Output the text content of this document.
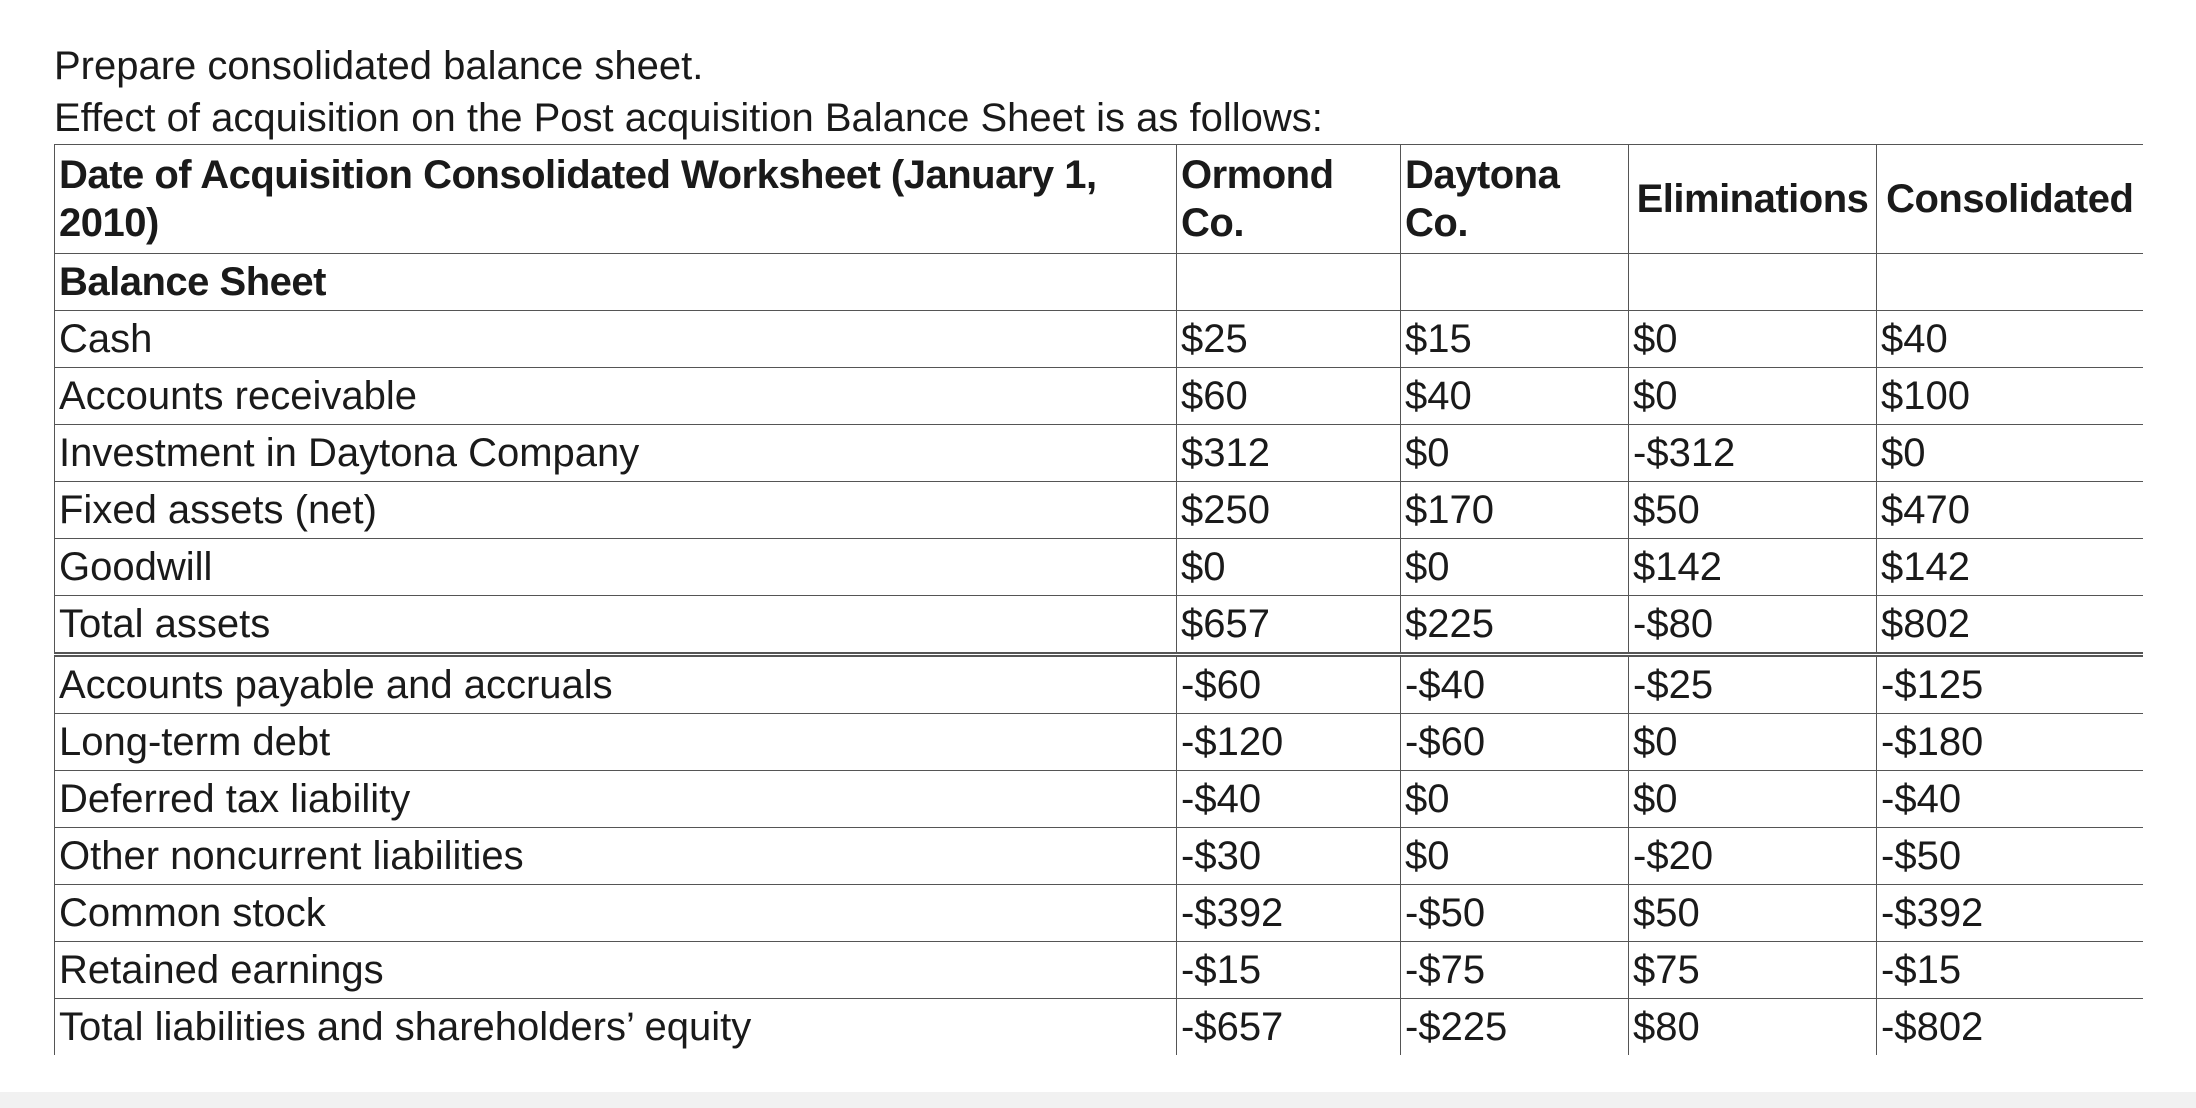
Prepare consolidated balance sheet.
Effect of acquisition on the Post acquisition Balance Sheet is as follows:
Date of Acquisition Consolidated Worksheet (January 1, 2010)	Ormond Co.	Daytona Co.	Eliminations	Consolidated
Balance Sheet				
Cash	$25	$15	$0	$40
Accounts receivable	$60	$40	$0	$100
Investment in Daytona Company	$312	$0	-$312	$0
Fixed assets (net)	$250	$170	$50	$470
Goodwill	$0	$0	$142	$142
Total assets	$657	$225	-$80	$802
Accounts payable and accruals	-$60	-$40	-$25	-$125
Long-term debt	-$120	-$60	$0	-$180
Deferred tax liability	-$40	$0	$0	-$40
Other noncurrent liabilities	-$30	$0	-$20	-$50
Common stock	-$392	-$50	$50	-$392
Retained earnings	-$15	-$75	$75	-$15
Total liabilities and shareholders’ equity	-$657	-$225	$80	-$802
